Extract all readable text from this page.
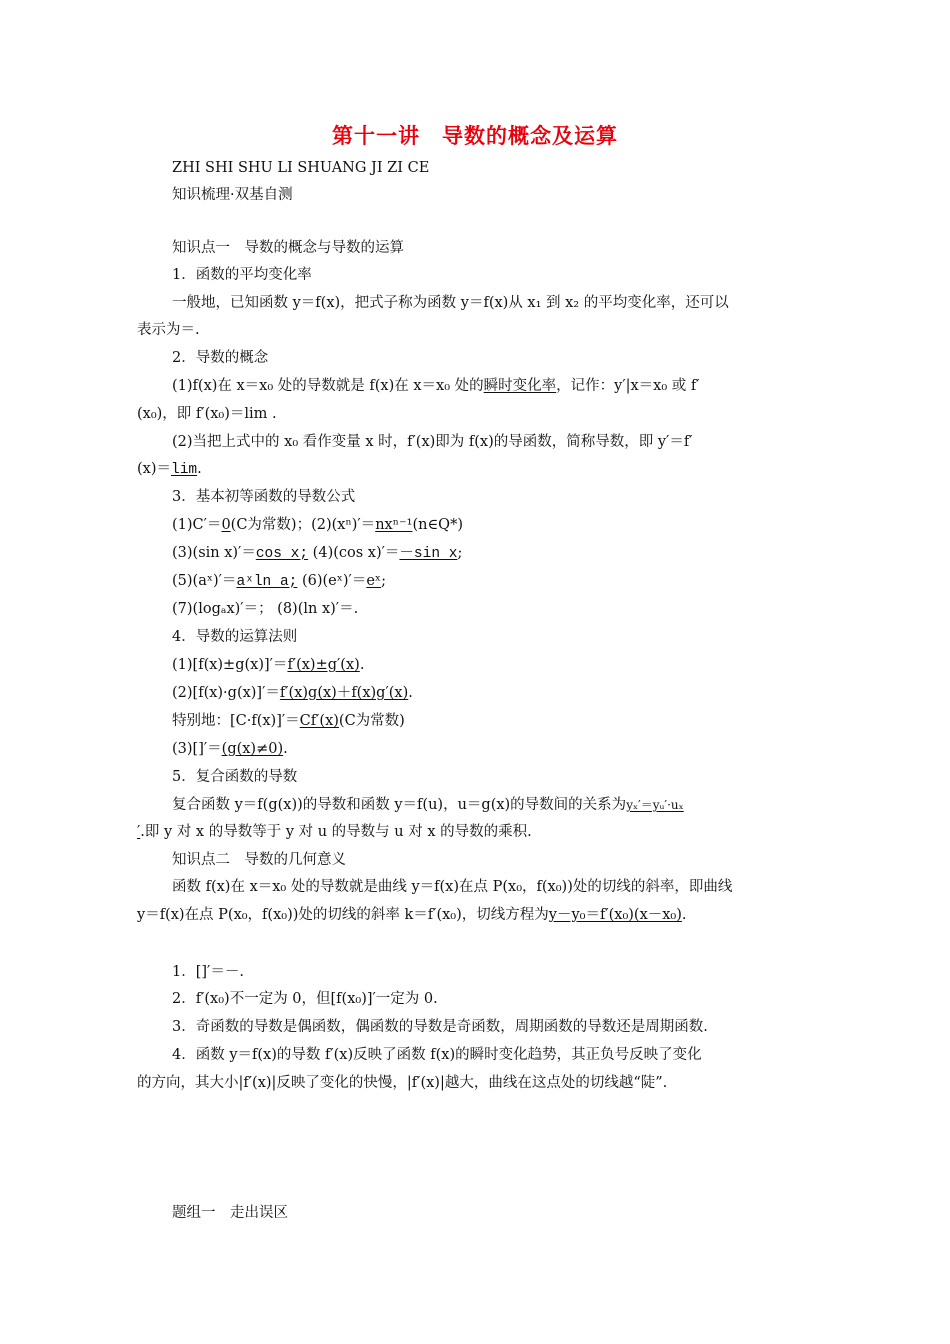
第十一讲　导数的概念及运算
ZHI SHI SHU LI SHUANG JI ZI CE
知识梳理·双基自测
知识点一　导数的概念与导数的运算
1．函数的平均变化率
一般地，已知函数 y＝f(x)，把式子称为函数 y＝f(x)从 x₁ 到 x₂ 的平均变化率，还可以
表示为＝.
2．导数的概念
(1)f(x)在 x＝x₀ 处的导数就是 f(x)在 x＝x₀ 处的瞬时变化率，记作：y′|x＝x₀ 或 f′
(x₀)，即 f′(x₀)＝lim .
(2)当把上式中的 x₀ 看作变量 x 时，f′(x)即为 f(x)的导函数，简称导数，即 y′＝f′
(x)＝lim.
3．基本初等函数的导数公式
(1)C′＝0(C为常数)；(2)(xⁿ)′＝nxⁿ⁻¹(n∈Q*)
(3)(sin x)′＝cos x; (4)(cos x)′＝－sin x;
(5)(aˣ)′＝aˣln a; (6)(eˣ)′＝eˣ;
(7)(logₐx)′＝； (8)(ln x)′＝.
4．导数的运算法则
(1)[f(x)±g(x)]′＝f′(x)±g′(x).
(2)[f(x)·g(x)]′＝f′(x)g(x)＋f(x)g′(x).
特别地：[C·f(x)]′＝Cf′(x)(C为常数)
(3)[]′＝(g(x)≠0).
5．复合函数的导数
复合函数 y＝f(g(x))的导数和函数 y＝f(u)，u＝g(x)的导数间的关系为yₓ′＝yᵤ′·uₓ
′.即 y 对 x 的导数等于 y 对 u 的导数与 u 对 x 的导数的乘积.
知识点二　导数的几何意义
函数 f(x)在 x＝x₀ 处的导数就是曲线 y＝f(x)在点 P(x₀，f(x₀))处的切线的斜率，即曲线
y＝f(x)在点 P(x₀，f(x₀))处的切线的斜率 k＝f′(x₀)，切线方程为y－y₀＝f′(x₀)(x－x₀).
1．[]′＝－.
2．f′(x₀)不一定为 0，但[f(x₀)]′一定为 0.
3．奇函数的导数是偶函数，偶函数的导数是奇函数，周期函数的导数还是周期函数.
4．函数 y＝f(x)的导数 f′(x)反映了函数 f(x)的瞬时变化趋势，其正负号反映了变化
的方向，其大小|f′(x)|反映了变化的快慢，|f′(x)|越大，曲线在这点处的切线越“陡”.
题组一　走出误区
